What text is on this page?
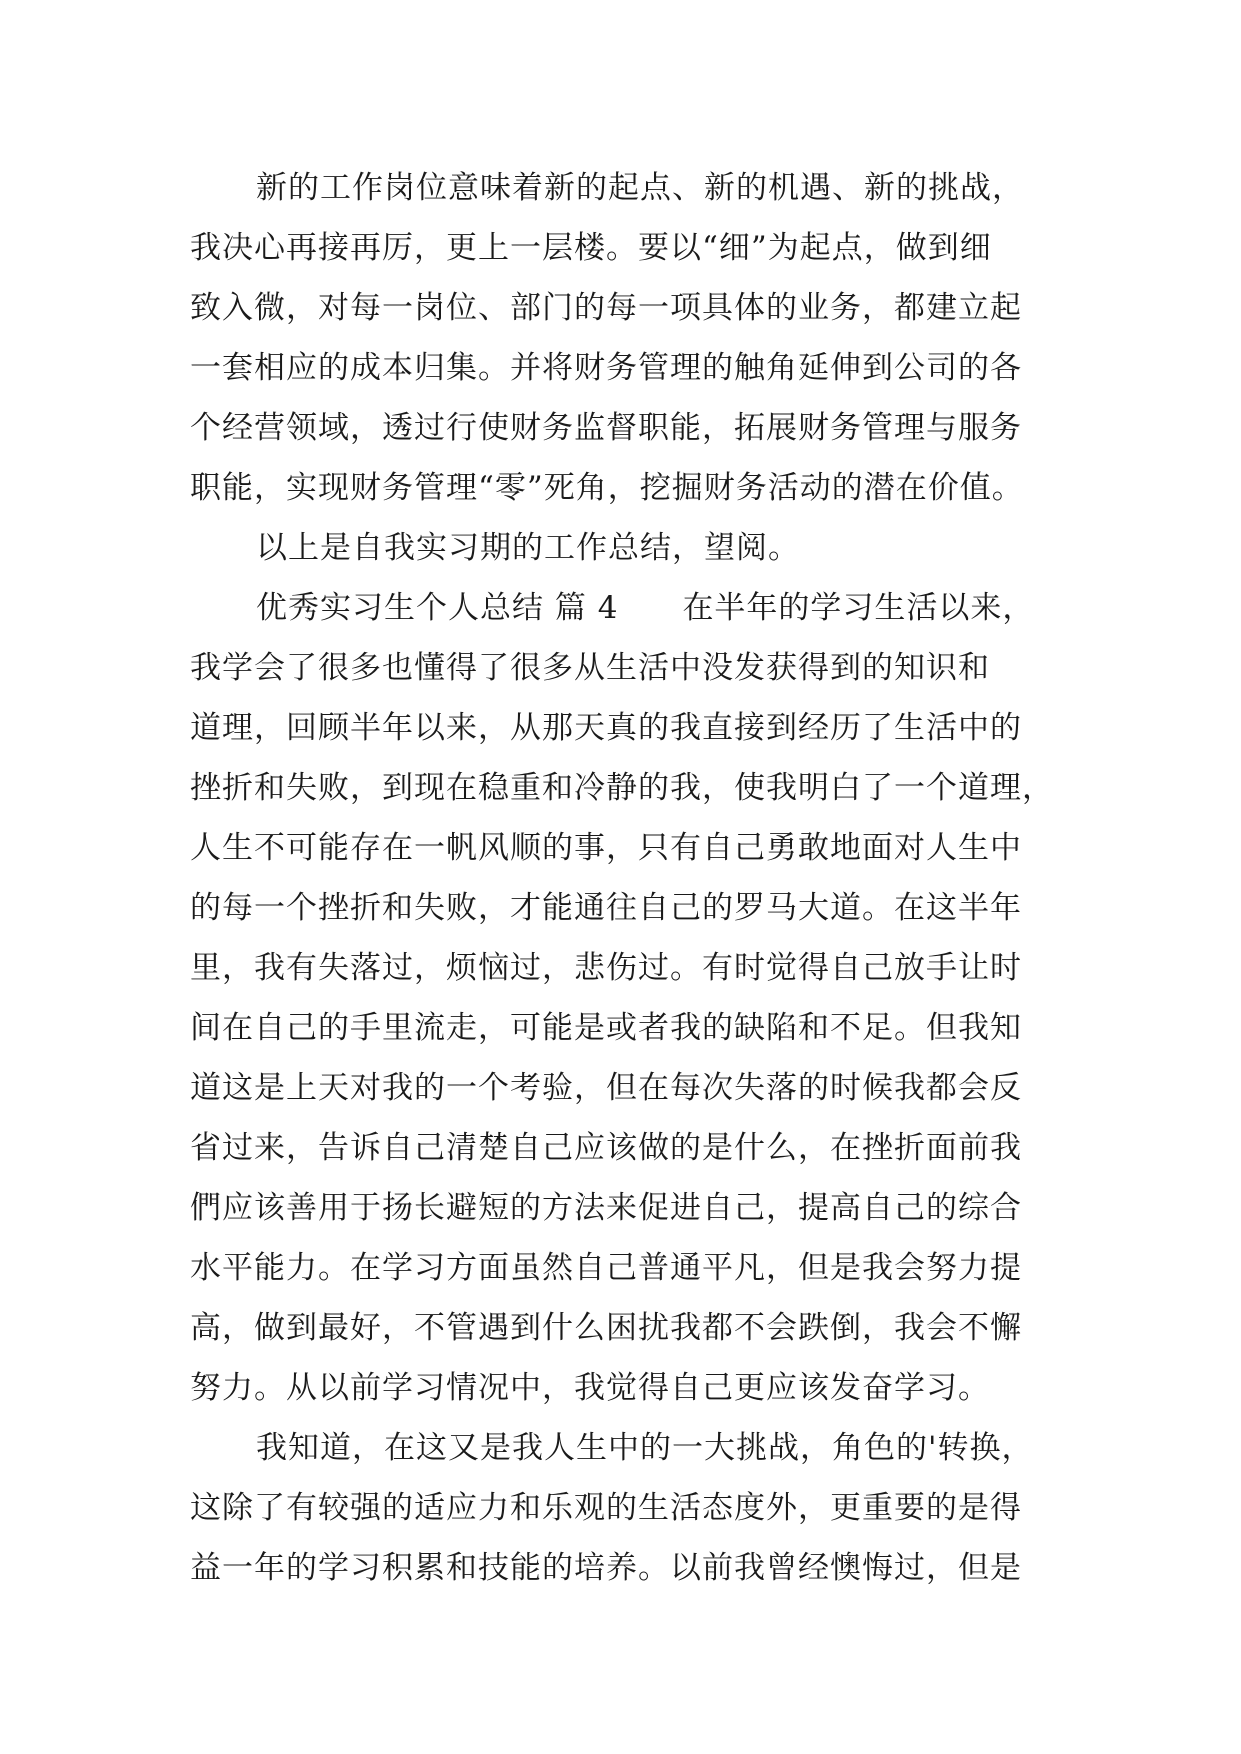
新的工作岗位意味着新的起点、新的机遇、新的挑战，
我决心再接再厉，更上一层楼。要以“细”为起点，做到细
致入微，对每一岗位、部门的每一项具体的业务，都建立起
一套相应的成本归集。并将财务管理的触角延伸到公司的各
个经营领域，透过行使财务监督职能，拓展财务管理与服务
职能，实现财务管理“零”死角，挖掘财务活动的潜在价值。
以上是自我实习期的工作总结，望阅。
优秀实习生个人总结 篇 4 在半年的学习生活以来，
我学会了很多也懂得了很多从生活中没发获得到的知识和
道理，回顾半年以来，从那天真的我直接到经历了生活中的
挫折和失败，到现在稳重和冷静的我，使我明白了一个道理，
人生不可能存在一帆风顺的事，只有自己勇敢地面对人生中
的每一个挫折和失败，才能通往自己的罗马大道。在这半年
里，我有失落过，烦恼过，悲伤过。有时觉得自己放手让时
间在自己的手里流走，可能是或者我的缺陷和不足。但我知
道这是上天对我的一个考验，但在每次失落的时候我都会反
省过来，告诉自己清楚自己应该做的是什么，在挫折面前我
們应该善用于扬长避短的方法来促进自己，提高自己的综合
水平能力。在学习方面虽然自己普通平凡，但是我会努力提
高，做到最好，不管遇到什么困扰我都不会跌倒，我会不懈
努力。从以前学习情况中，我觉得自己更应该发奋学习。
我知道，在这又是我人生中的一大挑战，角色的'转换，
这除了有较强的适应力和乐观的生活态度外，更重要的是得
益一年的学习积累和技能的培养。以前我曾经懊悔过，但是
